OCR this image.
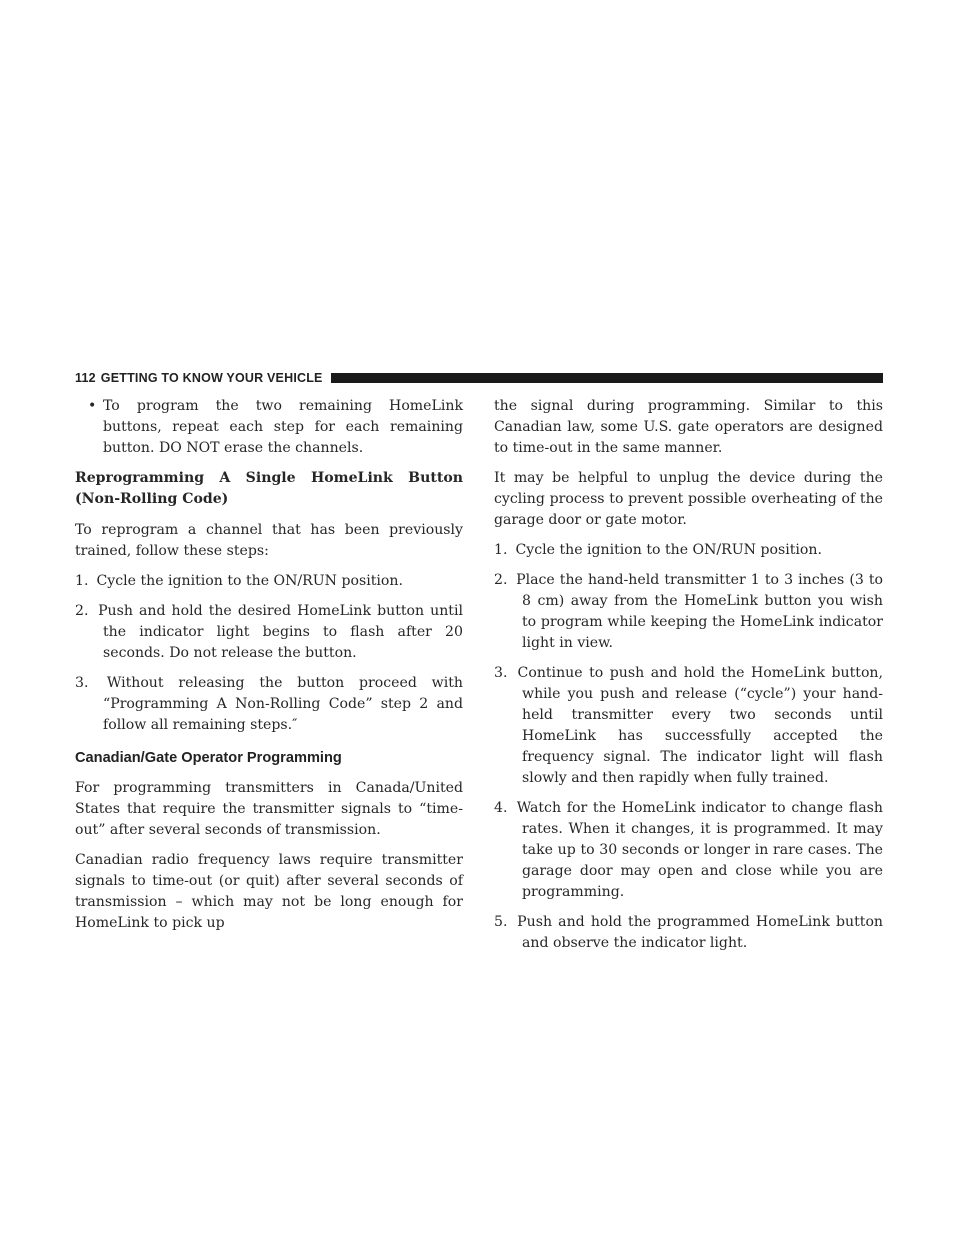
112 GETTING TO KNOW YOUR VEHICLE
• To program the two remaining HomeLink buttons, repeat each step for each remaining button. DO NOT erase the channels.

Reprogramming A Single HomeLink Button (Non-Rolling Code)

To reprogram a channel that has been previously trained, follow these steps:

1. Cycle the ignition to the ON/RUN position.
2. Push and hold the desired HomeLink button until the indicator light begins to flash after 20 seconds. Do not release the button.
3. Without releasing the button proceed with “Programming A Non-Rolling Code” step 2 and follow all remaining steps.″
Canadian/Gate Operator Programming

For programming transmitters in Canada/United States that require the transmitter signals to “time-out” after several seconds of transmission.

Canadian radio frequency laws require transmitter signals to time-out (or quit) after several seconds of transmission – which may not be long enough for HomeLink to pick up

the signal during programming. Similar to this Canadian law, some U.S. gate operators are designed to time-out in the same manner.

It may be helpful to unplug the device during the cycling process to prevent possible overheating of the garage door or gate motor.

1. Cycle the ignition to the ON/RUN position.
2. Place the hand-held transmitter 1 to 3 inches (3 to 8 cm) away from the HomeLink button you wish to program while keeping the HomeLink indicator light in view.
3. Continue to push and hold the HomeLink button, while you push and release (“cycle”) your hand-held transmitter every two seconds until HomeLink has successfully accepted the frequency signal. The indicator light will flash slowly and then rapidly when fully trained.
4. Watch for the HomeLink indicator to change flash rates. When it changes, it is programmed. It may take up to 30 seconds or longer in rare cases. The garage door may open and close while you are programming.
5. Push and hold the programmed HomeLink button and observe the indicator light.
